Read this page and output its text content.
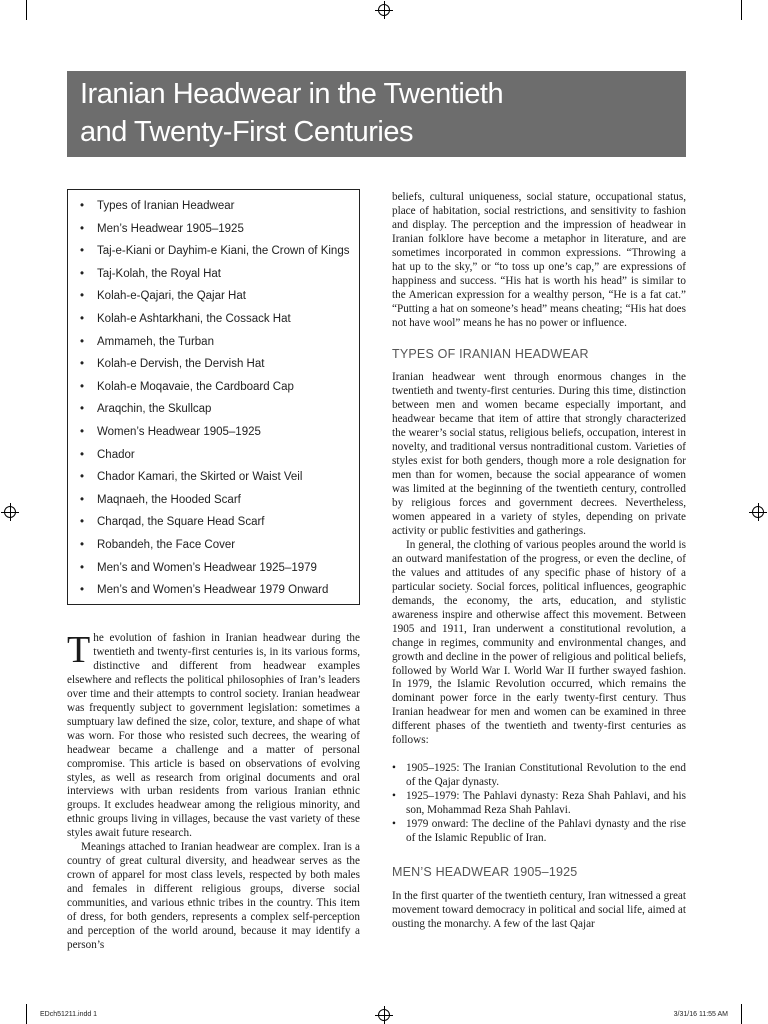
Iranian Headwear in the Twentieth
and Twenty-First Centuries
• Types of Iranian Headwear
• Men’s Headwear 1905–1925
• Taj-e-Kiani or Dayhim-e Kiani, the Crown of Kings
• Taj-Kolah, the Royal Hat
• Kolah-e-Qajari, the Qajar Hat
• Kolah-e Ashtarkhani, the Cossack Hat
• Ammameh, the Turban
• Kolah-e Dervish, the Dervish Hat
• Kolah-e Moqavaie, the Cardboard Cap
• Araqchin, the Skullcap
• Women’s Headwear 1905–1925
• Chador
• Chador Kamari, the Skirted or Waist Veil
• Maqnaeh, the Hooded Scarf
• Charqad, the Square Head Scarf
• Robandeh, the Face Cover
• Men’s and Women’s Headwear 1925–1979
• Men’s and Women’s Headwear 1979 Onward

The evolution of fashion in Iranian headwear during the twentieth and twenty-first centuries is, in its various forms, distinctive and different from headwear examples elsewhere and reflects the political philosophies of Iran’s leaders over time and their attempts to control society. Iranian headwear was frequently subject to government legislation: sometimes a sumptuary law defined the size, color, texture, and shape of what was worn. For those who resisted such decrees, the wearing of headwear became a challenge and a matter of personal compromise. This article is based on observations of evolving styles, as well as research from original documents and oral interviews with urban residents from various Iranian ethnic groups. It excludes headwear among the religious minority, and ethnic groups living in villages, because the vast variety of these styles await future research.

Meanings attached to Iranian headwear are complex. Iran is a country of great cultural diversity, and headwear serves as the crown of apparel for most class levels, respected by both males and females in different religious groups, diverse social communities, and various ethnic tribes in the country. This item of dress, for both genders, represents a complex self-perception and perception of the world around, because it may identify a person’s

beliefs, cultural uniqueness, social stature, occupational status, place of habitation, social restrictions, and sensitivity to fashion and display. The perception and the impression of headwear in Iranian folklore have become a metaphor in literature, and are sometimes incorporated in common expressions. “Throwing a hat up to the sky,” or “to toss up one’s cap,” are expressions of happiness and success. “His hat is worth his head” is similar to the American expression for a wealthy person, “He is a fat cat.” “Putting a hat on someone’s head” means cheating; “His hat does not have wool” means he has no power or influence.

TYPES OF IRANIAN HEADWEAR

Iranian headwear went through enormous changes in the twentieth and twenty-first centuries. During this time, distinction between men and women became especially important, and headwear became that item of attire that strongly characterized the wearer’s social status, religious beliefs, occupation, interest in novelty, and traditional versus nontraditional custom. Varieties of styles exist for both genders, though more a role designation for men than for women, because the social appearance of women was limited at the beginning of the twentieth century, controlled by religious forces and government decrees. Nevertheless, women appeared in a variety of styles, depending on private activity or public festivities and gatherings.

In general, the clothing of various peoples around the world is an outward manifestation of the progress, or even the decline, of the values and attitudes of any specific phase of history of a particular society. Social forces, political influences, geographic demands, the economy, the arts, education, and stylistic awareness inspire and otherwise affect this movement. Between 1905 and 1911, Iran underwent a constitutional revolution, a change in regimes, community and environmental changes, and growth and decline in the power of religious and political beliefs, followed by World War I. World War II further swayed fashion. In 1979, the Islamic Revolution occurred, which remains the dominant power force in the early twenty-first century. Thus Iranian headwear for men and women can be examined in three different phases of the twentieth and twenty-first centuries as follows:

• 1905–1925: The Iranian Constitutional Revolution to the end of the Qajar dynasty.
• 1925–1979: The Pahlavi dynasty: Reza Shah Pahlavi, and his son, Mohammad Reza Shah Pahlavi.
• 1979 onward: The decline of the Pahlavi dynasty and the rise of the Islamic Republic of Iran.

MEN’S HEADWEAR 1905–1925

In the first quarter of the twentieth century, Iran witnessed a great movement toward democracy in political and social life, aimed at ousting the monarchy. A few of the last Qajar

EDch51211.indd 1	3/31/16 11:55 AM
